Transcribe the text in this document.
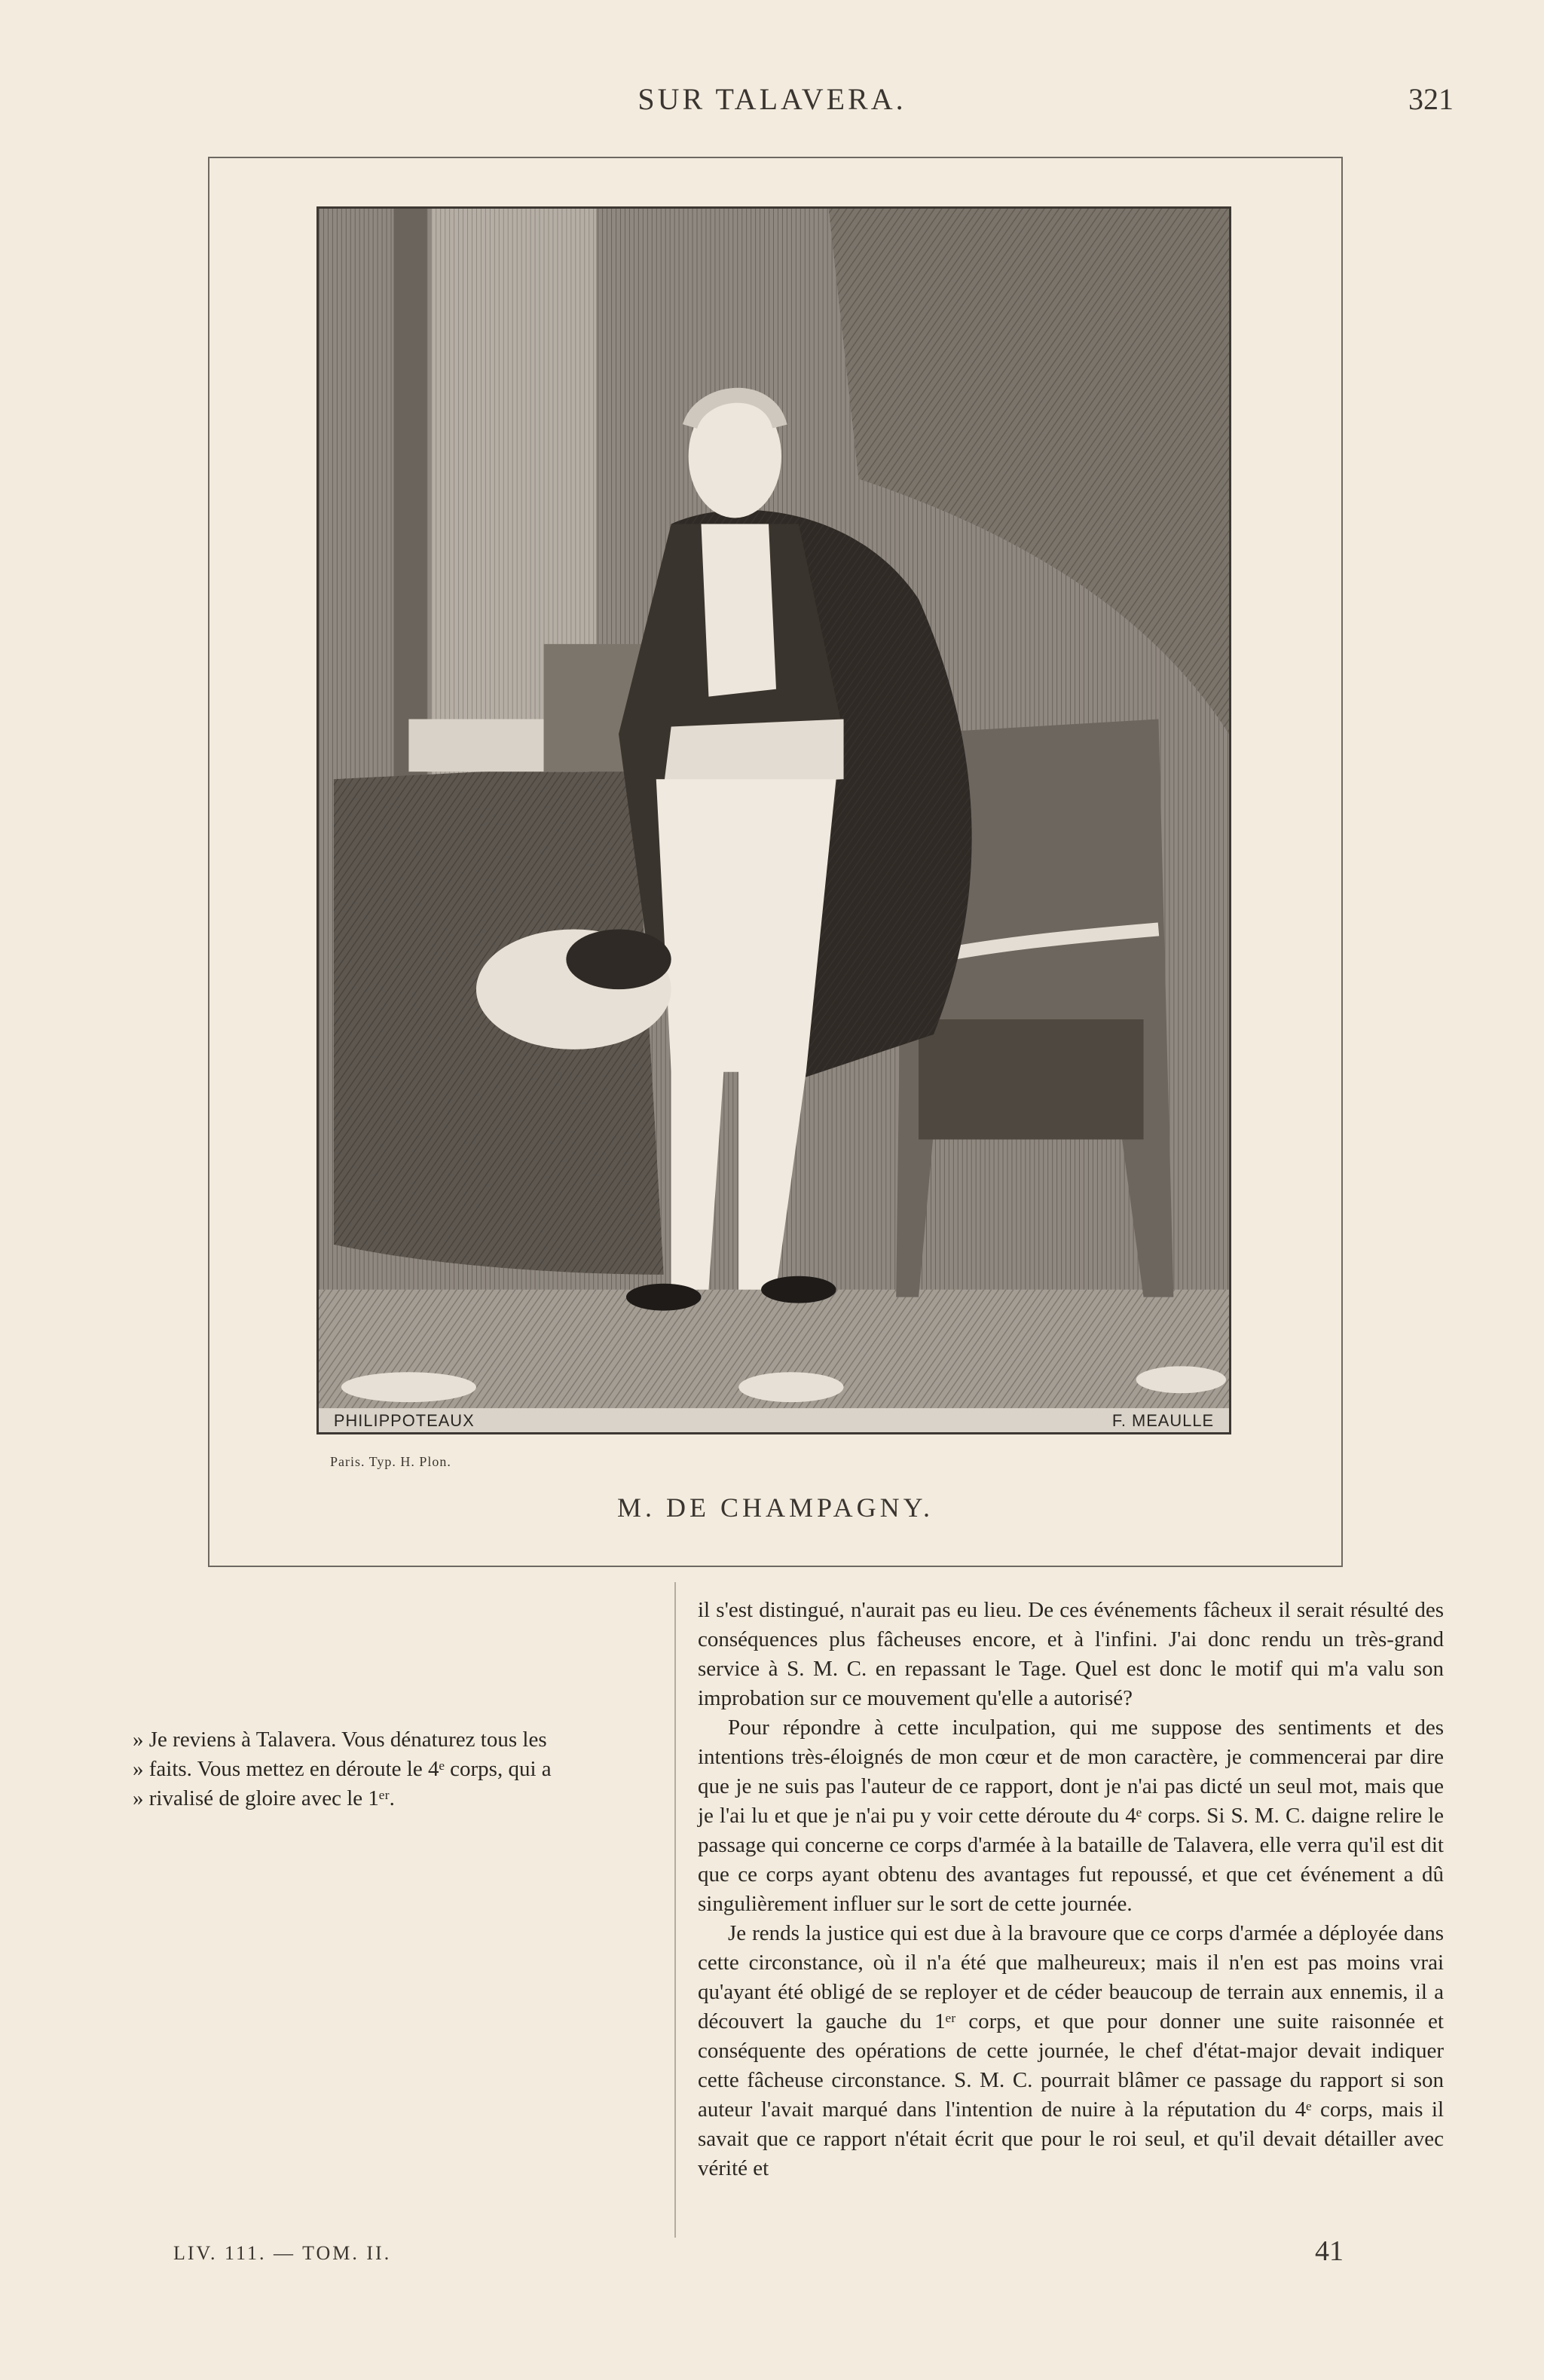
SUR TALAVERA.	321
PHILIPPOTEAUX	F. MEAULLE
Paris. Typ. H. Plon.
M. DE CHAMPAGNY.

» Je reviens à Talavera. Vous dénaturez tous les

» faits. Vous mettez en déroute le 4ᵉ corps, qui a

» rivalisé de gloire avec le 1ᵉʳ.

il s'est distingué, n'aurait pas eu lieu. De ces événements fâcheux il serait résulté des conséquences plus fâcheuses encore, et à l'infini. J'ai donc rendu un très-grand service à S. M. C. en repassant le Tage. Quel est donc le motif qui m'a valu son improbation sur ce mouvement qu'elle a autorisé?

Pour répondre à cette inculpation, qui me suppose des sentiments et des intentions très-éloignés de mon cœur et de mon caractère, je commencerai par dire que je ne suis pas l'auteur de ce rapport, dont je n'ai pas dicté un seul mot, mais que je l'ai lu et que je n'ai pu y voir cette déroute du 4ᵉ corps. Si S. M. C. daigne relire le passage qui concerne ce corps d'armée à la bataille de Talavera, elle verra qu'il est dit que ce corps ayant obtenu des avantages fut repoussé, et que cet événement a dû singulièrement influer sur le sort de cette journée.

Je rends la justice qui est due à la bravoure que ce corps d'armée a déployée dans cette circonstance, où il n'a été que malheureux; mais il n'en est pas moins vrai qu'ayant été obligé de se reployer et de céder beaucoup de terrain aux ennemis, il a découvert la gauche du 1ᵉʳ corps, et que pour donner une suite raisonnée et conséquente des opérations de cette journée, le chef d'état-major devait indiquer cette fâcheuse circonstance. S. M. C. pourrait blâmer ce passage du rapport si son auteur l'avait marqué dans l'intention de nuire à la réputation du 4ᵉ corps, mais il savait que ce rapport n'était écrit que pour le roi seul, et qu'il devait détailler avec vérité et

LIV. 111. — TOM. II.	41
